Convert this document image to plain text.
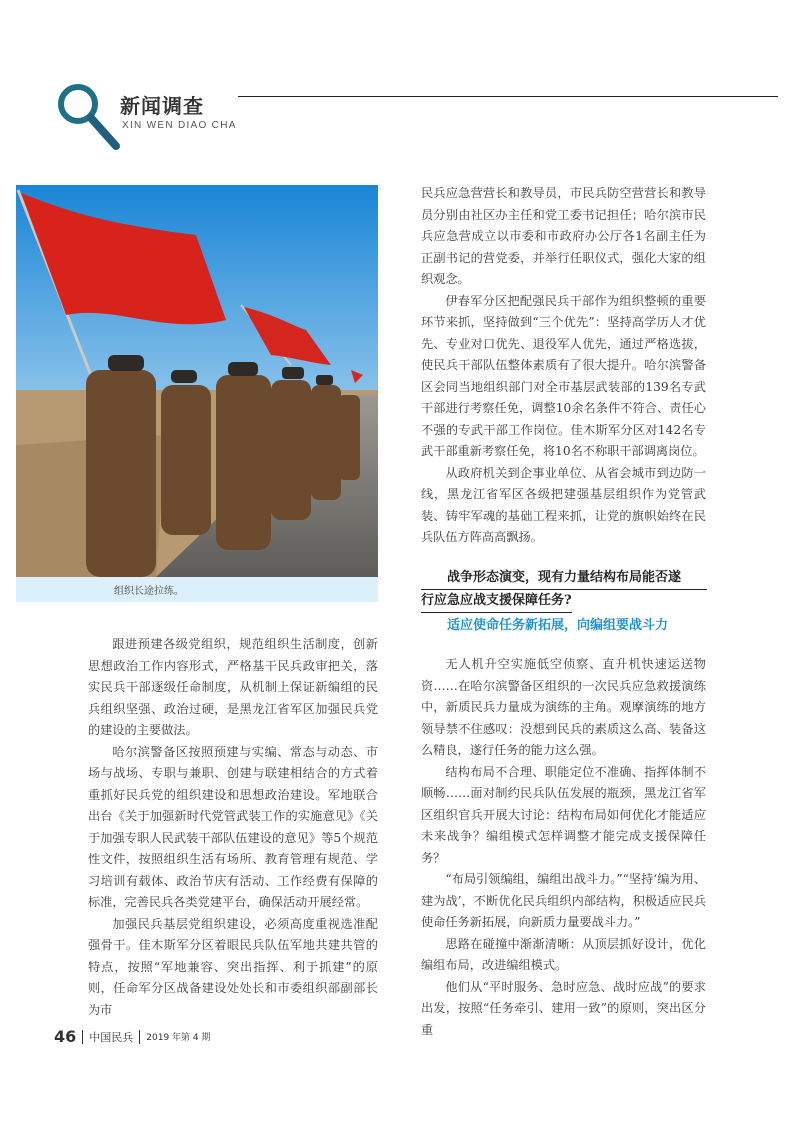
新闻调查
XIN WEN DIAO CHA
组织长途拉练。

民兵应急营营长和教导员，市民兵防空营营长和教导员分别由社区办主任和党工委书记担任；哈尔滨市民兵应急营成立以市委和市政府办公厅各1名副主任为正副书记的营党委，并举行任职仪式，强化大家的组织观念。

伊春军分区把配强民兵干部作为组织整顿的重要环节来抓，坚持做到“三个优先”：坚持高学历人才优先、专业对口优先、退役军人优先，通过严格选拔，使民兵干部队伍整体素质有了很大提升。哈尔滨警备区会同当地组织部门对全市基层武装部的139名专武干部进行考察任免，调整10余名条件不符合、责任心不强的专武干部工作岗位。佳木斯军分区对142名专武干部重新考察任免，将10名不称职干部调离岗位。

从政府机关到企事业单位、从省会城市到边防一线，黑龙江省军区各级把建强基层组织作为党管武装、铸牢军魂的基础工程来抓，让党的旗帜始终在民兵队伍方阵高高飘扬。

战争形态演变，现有力量结构布局能否遂
行应急应战支援保障任务?
适应使命任务新拓展，向编组要战斗力

跟进预建各级党组织，规范组织生活制度，创新思想政治工作内容形式，严格基干民兵政审把关，落实民兵干部逐级任命制度，从机制上保证新编组的民兵组织坚强、政治过硬，是黑龙江省军区加强民兵党的建设的主要做法。

哈尔滨警备区按照预建与实编、常态与动态、市场与战场、专职与兼职、创建与联建相结合的方式着重抓好民兵党的组织建设和思想政治建设。军地联合出台《关于加强新时代党管武装工作的实施意见》《关于加强专职人民武装干部队伍建设的意见》等5个规范性文件，按照组织生活有场所、教育管理有规范、学习培训有载体、政治节庆有活动、工作经费有保障的标准，完善民兵各类党建平台，确保活动开展经常。

加强民兵基层党组织建设，必须高度重视选准配强骨干。佳木斯军分区着眼民兵队伍军地共建共管的特点，按照“军地兼容、突出指挥、利于抓建”的原则，任命军分区战备建设处处长和市委组织部副部长为市

无人机升空实施低空侦察、直升机快速运送物资……在哈尔滨警备区组织的一次民兵应急救援演练中，新质民兵力量成为演练的主角。观摩演练的地方领导禁不住感叹：没想到民兵的素质这么高、装备这么精良，遂行任务的能力这么强。

结构布局不合理、职能定位不准确、指挥体制不顺畅……面对制约民兵队伍发展的瓶颈，黑龙江省军区组织官兵开展大讨论：结构布局如何优化才能适应未来战争？编组模式怎样调整才能完成支援保障任务？

“布局引领编组，编组出战斗力。”“坚持‘编为用、建为战’，不断优化民兵组织内部结构，积极适应民兵使命任务新拓展，向新质力量要战斗力。”

思路在碰撞中渐渐清晰：从顶层抓好设计，优化编组布局，改进编组模式。

他们从“平时服务、急时应急、战时应战”的要求出发，按照“任务牵引、建用一致”的原则，突出区分重

46 中国民兵 2019 年第 4 期
